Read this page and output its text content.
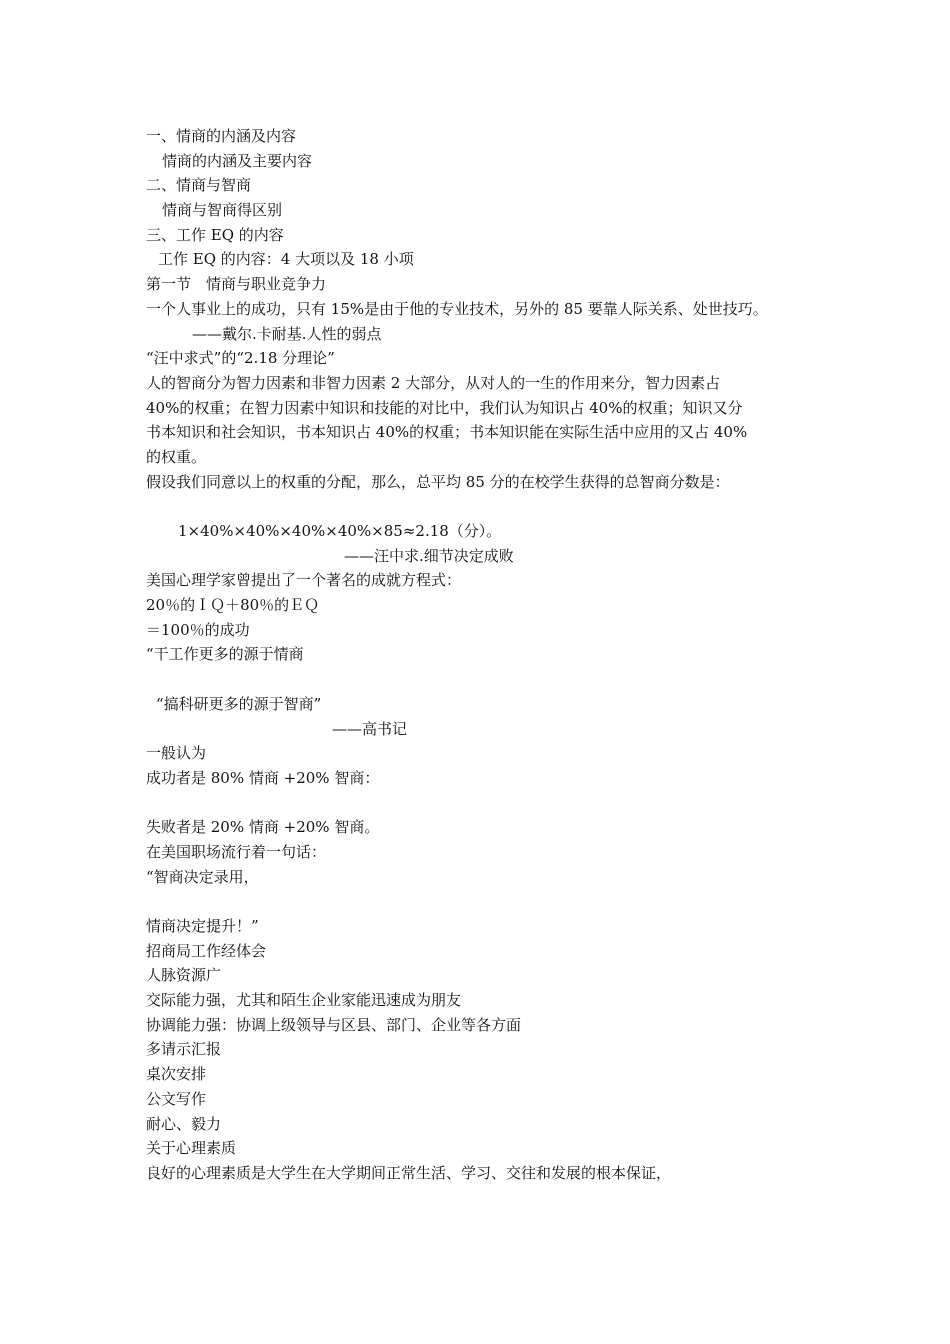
一、情商的内涵及内容
情商的内涵及主要内容
二、情商与智商
情商与智商得区别
三、工作 EQ 的内容
工作 EQ 的内容：4 大项以及 18 小项
第一节　情商与职业竞争力
一个人事业上的成功，只有 15%是由于他的专业技术，另外的 85 要靠人际关系、处世技巧。
——戴尔.卡耐基.人性的弱点
“汪中求式”的“2.18 分理论”
人的智商分为智力因素和非智力因素 2 大部分，从对人的一生的作用来分，智力因素占
40%的权重；在智力因素中知识和技能的对比中，我们认为知识占 40%的权重；知识又分
书本知识和社会知识，书本知识占 40%的权重；书本知识能在实际生活中应用的又占 40%
的权重。
假设我们同意以上的权重的分配，那么，总平均 85 分的在校学生获得的总智商分数是：
1×40%×40%×40%×40%×85≈2.18（分）。
——汪中求.细节决定成败
美国心理学家曾提出了一个著名的成就方程式：
20％的ＩＱ＋80％的ＥＱ
＝100％的成功
“干工作更多的源于情商
“搞科研更多的源于智商”
——高书记
一般认为
成功者是 80% 情商 +20% 智商：
失败者是 20% 情商 +20% 智商。
在美国职场流行着一句话：
“智商决定录用，
情商决定提升！”
招商局工作经体会
人脉资源广
交际能力强，尤其和陌生企业家能迅速成为朋友
协调能力强：协调上级领导与区县、部门、企业等各方面
多请示汇报
桌次安排
公文写作
耐心、毅力
关于心理素质
良好的心理素质是大学生在大学期间正常生活、学习、交往和发展的根本保证，
